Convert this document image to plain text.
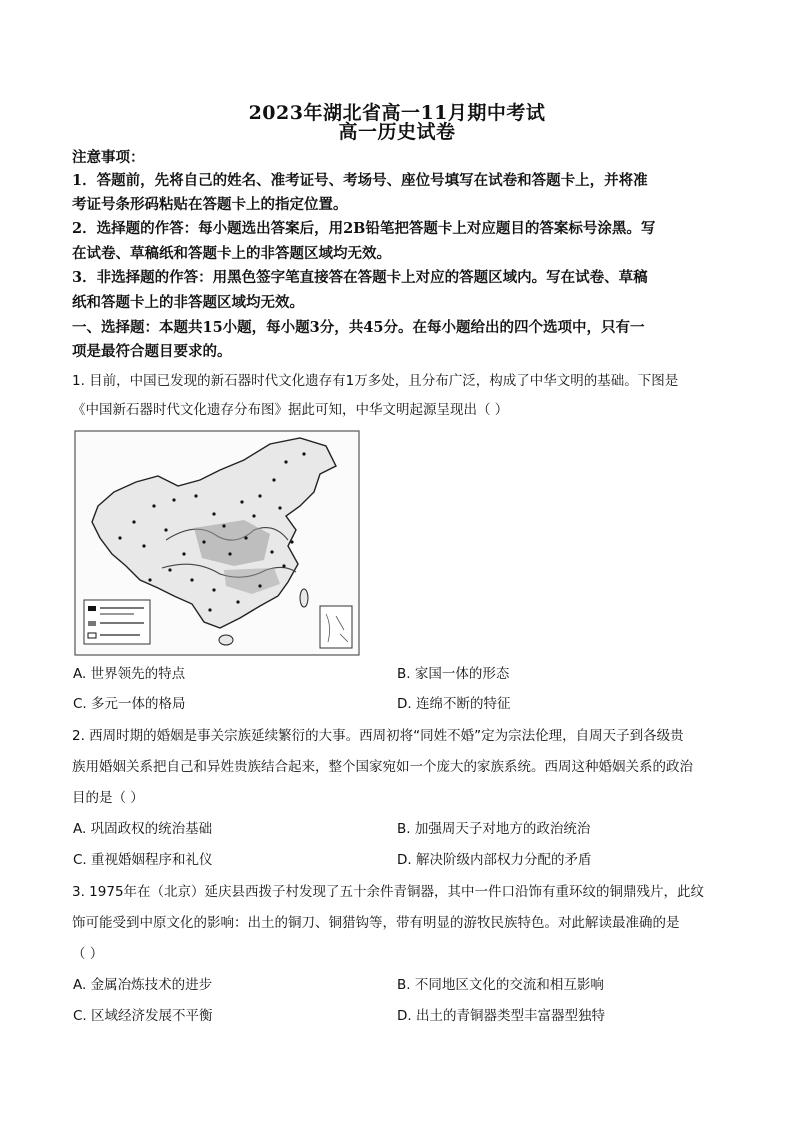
2023年湖北省高一11月期中考试
高一历史试卷
注意事项：
1．答题前，先将自己的姓名、准考证号、考场号、座位号填写在试卷和答题卡上，并将准
考证号条形码粘贴在答题卡上的指定位置。
2．选择题的作答：每小题选出答案后，用2B铅笔把答题卡上对应题目的答案标号涂黑。写
在试卷、草稿纸和答题卡上的非答题区域均无效。
3．非选择题的作答：用黑色签字笔直接答在答题卡上对应的答题区域内。写在试卷、草稿
纸和答题卡上的非答题区域均无效。
一、选择题：本题共15小题，每小题3分，共45分。在每小题给出的四个选项中，只有一
项是最符合题目要求的。
1. 目前，中国已发现的新石器时代文化遗存有1万多处，且分布广泛，构成了中华文明的基础。下图是
《中国新石器时代文化遗存分布图》据此可知，中华文明起源呈现出（ ）
A. 世界领先的特点	B. 家国一体的形态
C. 多元一体的格局	D. 连绵不断的特征
2. 西周时期的婚姻是事关宗族延续繁衍的大事。西周初将“同姓不婚”定为宗法伦理，自周天子到各级贵
族用婚姻关系把自己和异姓贵族结合起来，整个国家宛如一个庞大的家族系统。西周这种婚姻关系的政治
目的是（ ）
A. 巩固政权的统治基础	B. 加强周天子对地方的政治统治
C. 重视婚姻程序和礼仪	D. 解决阶级内部权力分配的矛盾
3. 1975年在（北京）延庆县西拨子村发现了五十余件青铜器，其中一件口沿饰有重环纹的铜鼎残片，此纹
饰可能受到中原文化的影响：出土的铜刀、铜猎钩等，带有明显的游牧民族特色。对此解读最准确的是
（ ）
A. 金属冶炼技术的进步	B. 不同地区文化的交流和相互影响
C. 区域经济发展不平衡	D. 出土的青铜器类型丰富器型独特
